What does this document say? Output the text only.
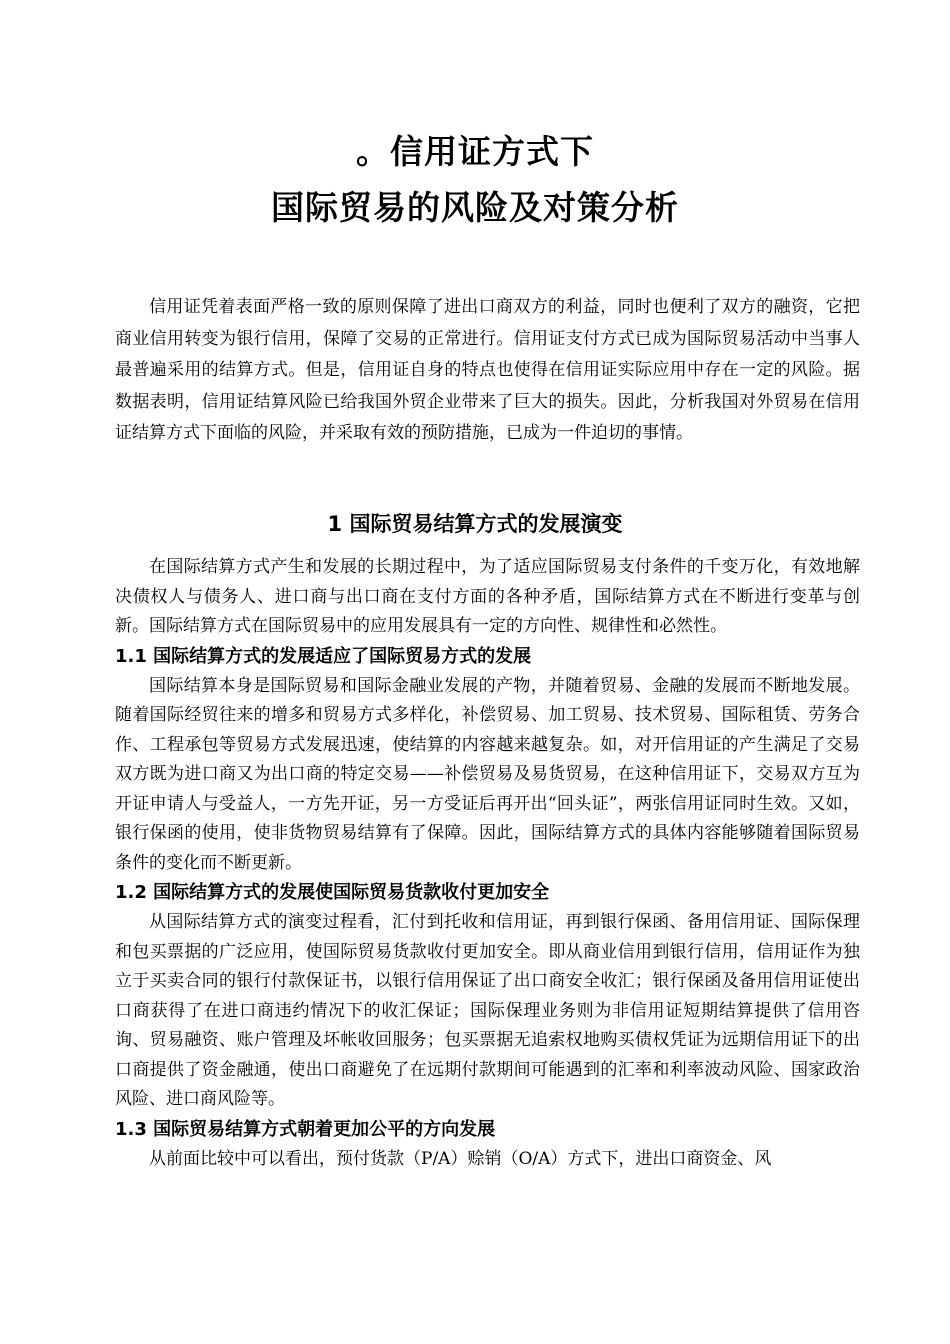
。信用证方式下
国际贸易的风险及对策分析

信用证凭着表面严格一致的原则保障了进出口商双方的利益，同时也便利了双方的融资，它把商业信用转变为银行信用，保障了交易的正常进行。信用证支付方式已成为国际贸易活动中当事人最普遍采用的结算方式。但是，信用证自身的特点也使得在信用证实际应用中存在一定的风险。据数据表明，信用证结算风险已给我国外贸企业带来了巨大的损失。因此，分析我国对外贸易在信用证结算方式下面临的风险，并采取有效的预防措施，已成为一件迫切的事情。

1 国际贸易结算方式的发展演变

在国际结算方式产生和发展的长期过程中，为了适应国际贸易支付条件的千变万化，有效地解决债权人与债务人、进口商与出口商在支付方面的各种矛盾，国际结算方式在不断进行变革与创新。国际结算方式在国际贸易中的应用发展具有一定的方向性、规律性和必然性。

1.1 国际结算方式的发展适应了国际贸易方式的发展

国际结算本身是国际贸易和国际金融业发展的产物，并随着贸易、金融的发展而不断地发展。随着国际经贸往来的增多和贸易方式多样化，补偿贸易、加工贸易、技术贸易、国际租赁、劳务合作、工程承包等贸易方式发展迅速，使结算的内容越来越复杂。如，对开信用证的产生满足了交易双方既为进口商又为出口商的特定交易——补偿贸易及易货贸易，在这种信用证下，交易双方互为开证申请人与受益人，一方先开证，另一方受证后再开出“回头证”，两张信用证同时生效。又如，银行保函的使用，使非货物贸易结算有了保障。因此，国际结算方式的具体内容能够随着国际贸易条件的变化而不断更新。

1.2 国际结算方式的发展使国际贸易货款收付更加安全

从国际结算方式的演变过程看，汇付到托收和信用证，再到银行保函、备用信用证、国际保理和包买票据的广泛应用，使国际贸易货款收付更加安全。即从商业信用到银行信用，信用证作为独立于买卖合同的银行付款保证书，以银行信用保证了出口商安全收汇；银行保函及备用信用证使出口商获得了在进口商违约情况下的收汇保证；国际保理业务则为非信用证短期结算提供了信用咨询、贸易融资、账户管理及坏帐收回服务；包买票据无追索权地购买债权凭证为远期信用证下的出口商提供了资金融通，使出口商避免了在远期付款期间可能遇到的汇率和利率波动风险、国家政治风险、进口商风险等。

1.3 国际贸易结算方式朝着更加公平的方向发展

从前面比较中可以看出，预付货款（P/A）赊销（O/A）方式下，进出口商资金、风
